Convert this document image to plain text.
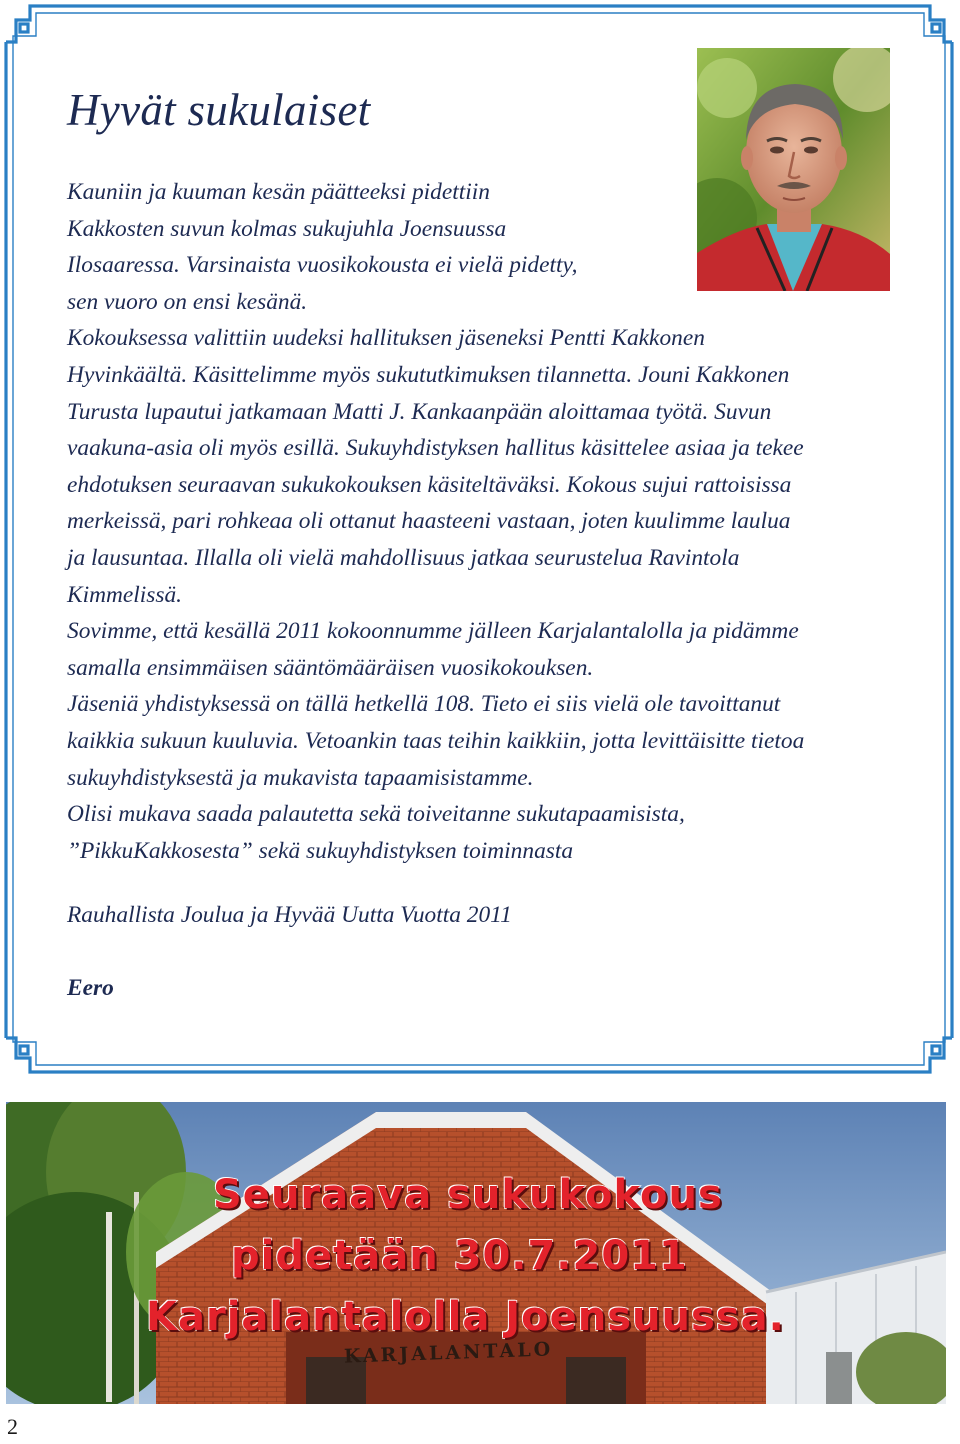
Hyvät sukulaiset
Kauniin ja kuuman kesän päätteeksi pidettiin
Kakkosten suvun kolmas sukujuhla Joensuussa
Ilosaaressa. Varsinaista vuosikokousta ei vielä pidetty,
sen vuoro on ensi kesänä.
Kokouksessa valittiin uudeksi hallituksen jäseneksi Pentti Kakkonen
Hyvinkäältä. Käsittelimme myös sukututkimuksen tilannetta. Jouni Kakkonen
Turusta lupautui jatkamaan Matti J. Kankaanpään aloittamaa työtä. Suvun
vaakuna-asia oli myös esillä. Sukuyhdistyksen hallitus käsittelee asiaa ja tekee
ehdotuksen seuraavan sukukokouksen käsiteltäväksi. Kokous sujui rattoisissa
merkeissä, pari rohkeaa oli ottanut haasteeni vastaan, joten kuulimme laulua
ja lausuntaa. Illalla oli vielä mahdollisuus jatkaa seurustelua Ravintola
Kimmelissä.
Sovimme, että kesällä 2011 kokoonnumme jälleen Karjalantalolla ja pidämme
samalla ensimmäisen sääntömääräisen vuosikokouksen.
Jäseniä yhdistyksessä on tällä hetkellä 108. Tieto ei siis vielä ole tavoittanut
kaikkia sukuun kuuluvia. Vetoankin taas teihin kaikkiin, jotta levittäisitte tietoa
sukuyhdistyksestä ja mukavista tapaamisistamme.
Olisi mukava saada palautetta sekä toiveitanne sukutapaamisista,
”PikkuKakkosesta” sekä sukuyhdistyksen toiminnasta
Rauhallista Joulua ja Hyvää Uutta Vuotta 2011
Eero
KARJALANTALO
Seuraava sukukokous
pidetään 30.7.2011
Karjalantalolla Joensuussa.
2
